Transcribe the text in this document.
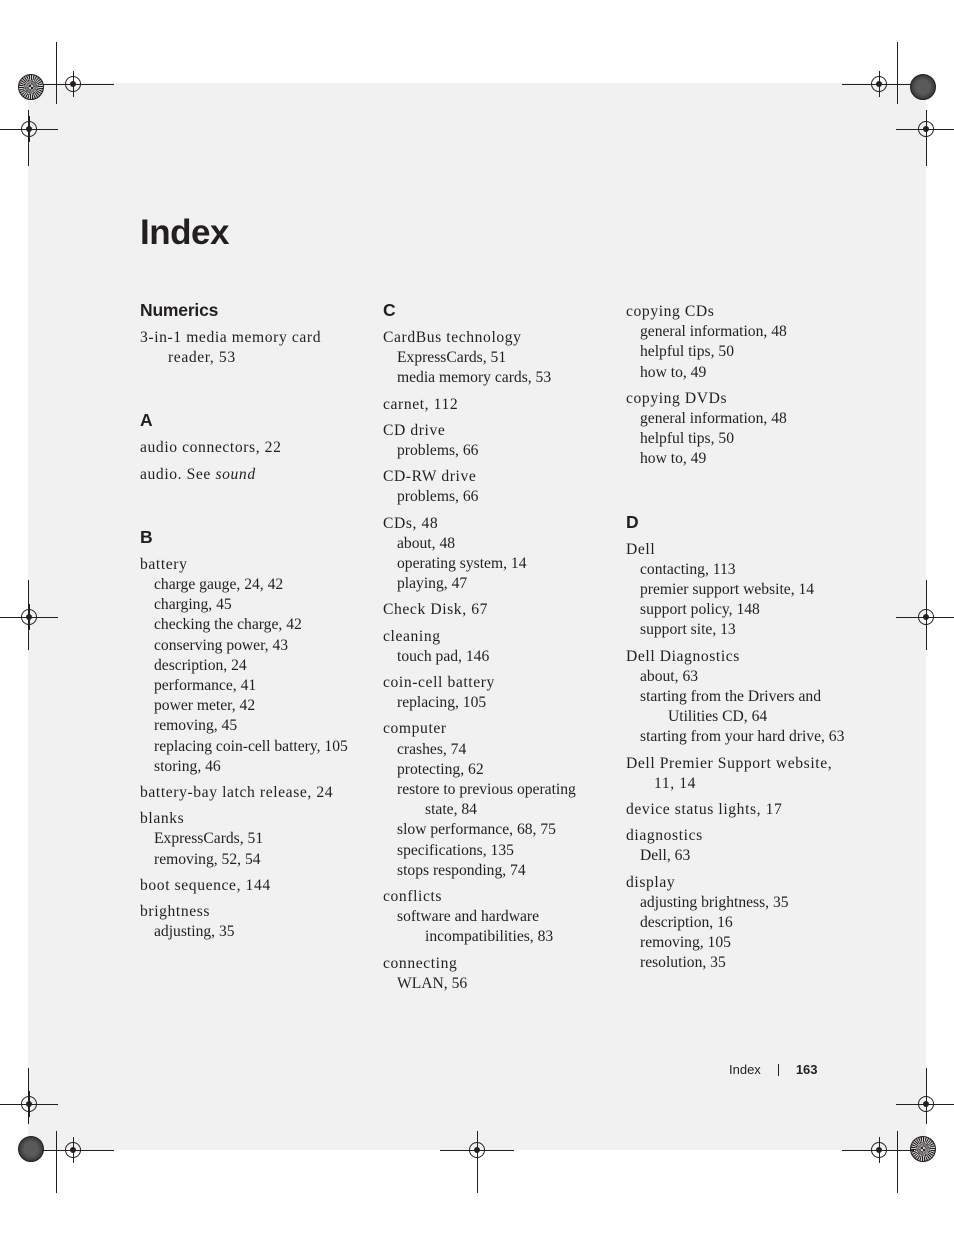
Index
Numerics

3-in-1 media memory card reader, 53

A

audio connectors, 22

audio. See sound

B

battery

charge gauge, 24, 42

charging, 45

checking the charge, 42

conserving power, 43

description, 24

performance, 41

power meter, 42

removing, 45

replacing coin-cell battery, 105

storing, 46

battery-bay latch release, 24

blanks

ExpressCards, 51

removing, 52, 54

boot sequence, 144

brightness

adjusting, 35

C

CardBus technology

ExpressCards, 51

media memory cards, 53

carnet, 112

CD drive

problems, 66

CD-RW drive

problems, 66

CDs, 48

about, 48

operating system, 14

playing, 47

Check Disk, 67

cleaning

touch pad, 146

coin-cell battery

replacing, 105

computer

crashes, 74

protecting, 62

restore to previous operating state, 84

slow performance, 68, 75

specifications, 135

stops responding, 74

conflicts

software and hardware incompatibilities, 83

connecting

WLAN, 56

copying CDs

general information, 48

helpful tips, 50

how to, 49

copying DVDs

general information, 48

helpful tips, 50

how to, 49

D

Dell

contacting, 113

premier support website, 14

support policy, 148

support site, 13

Dell Diagnostics

about, 63

starting from the Drivers and Utilities CD, 64

starting from your hard drive, 63

Dell Premier Support website, 11, 14

device status lights, 17

diagnostics

Dell, 63

display

adjusting brightness, 35

description, 16

removing, 105

resolution, 35

Index	163
